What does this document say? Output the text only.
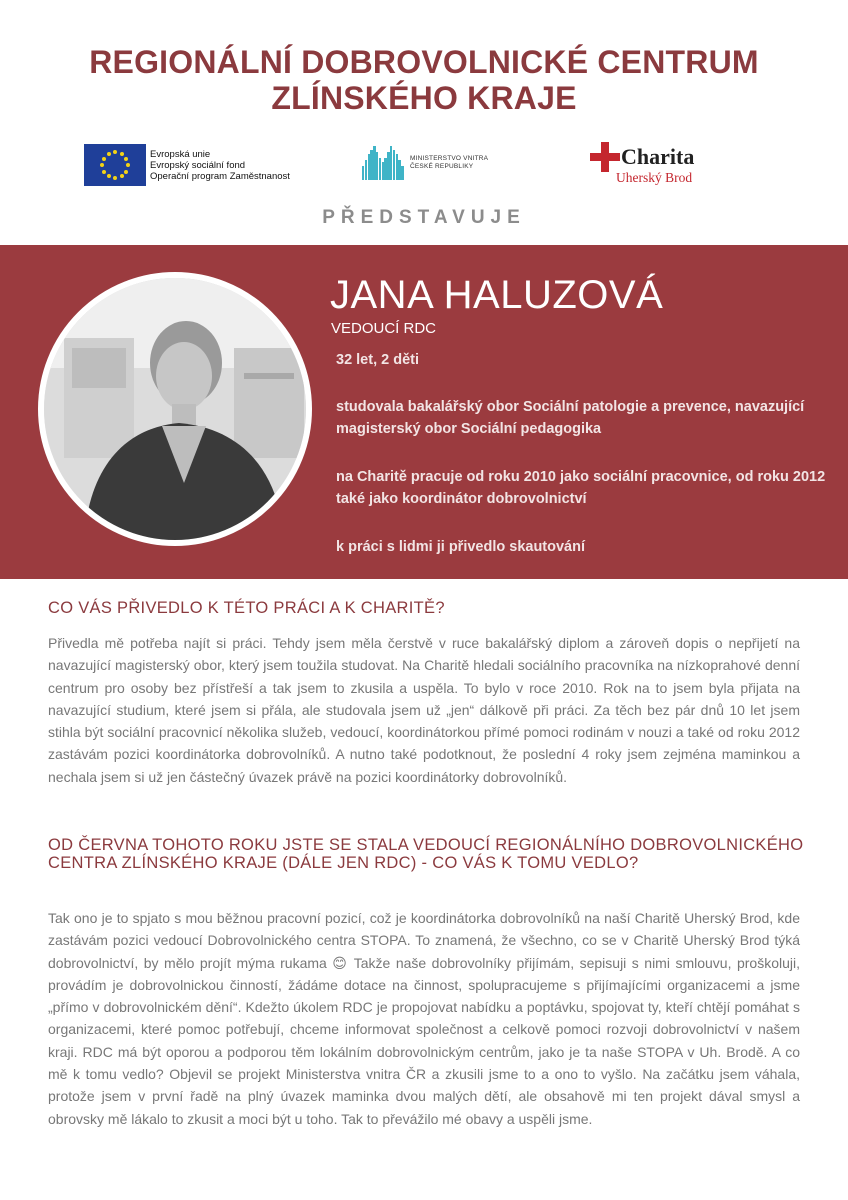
REGIONÁLNÍ DOBROVOLNICKÉ CENTRUM
ZLÍNSKÉHO KRAJE
Evropská unie
Evropský sociální fond
Operační program Zaměstnanost
MINISTERSTVO VNITRA
ČESKÉ REPUBLIKY	Charita
Uherský Brod
PŘEDSTAVUJE
JANA HALUZOVÁ
VEDOUCÍ RDC

32 let, 2 děti

studovala bakalářský obor Sociální patologie a prevence, navazující magisterský obor Sociální pedagogika

na Charitě pracuje od roku 2010 jako sociální pracovnice, od roku 2012 také jako koordinátor dobrovolnictví

k práci s lidmi ji přivedlo skautování

CO VÁS PŘIVEDLO K TÉTO PRÁCI A K CHARITĚ?
Přivedla mě potřeba najít si práci. Tehdy jsem měla čerstvě v ruce bakalářský diplom a zároveň dopis o nepřijetí na navazující magisterský obor, který jsem toužila studovat. Na Charitě hledali sociálního pracovníka na nízkoprahové denní centrum pro osoby bez přístřeší a tak jsem to zkusila a uspěla. To bylo v roce 2010. Rok na to jsem byla přijata na navazující studium, které jsem si přála, ale studovala jsem už „jen“ dálkově při práci. Za těch bez pár dnů 10 let jsem stihla být sociální pracovnicí několika služeb, vedoucí, koordinátorkou přímé pomoci rodinám v nouzi a také od roku 2012 zastávám pozici koordinátorka dobrovolníků. A nutno také podotknout, že poslední 4 roky jsem zejména maminkou a nechala jsem si už jen částečný úvazek právě na pozici koordinátorky dobrovolníků.
OD ČERVNA TOHOTO ROKU JSTE SE STALA VEDOUCÍ REGIONÁLNÍHO DOBROVOLNICKÉHO CENTRA ZLÍNSKÉHO KRAJE (DÁLE JEN RDC) - CO VÁS K TOMU VEDLO?
Tak ono je to spjato s mou běžnou pracovní pozicí, což je koordinátorka dobrovolníků na naší Charitě Uherský Brod, kde zastávám pozici vedoucí Dobrovolnického centra STOPA. To znamená, že všechno, co se v Charitě Uherský Brod týká dobrovolnictví, by mělo projít mýma rukama 😊 Takže naše dobrovolníky přijímám, sepisuji s nimi smlouvu, proškoluji, provádím je dobrovolnickou činností, žádáme dotace na činnost, spolupracujeme s přijímajícími organizacemi a jsme „přímo v dobrovolnickém dění“. Kdežto úkolem RDC je propojovat nabídku a poptávku, spojovat ty, kteří chtějí pomáhat s organizacemi, které pomoc potřebují, chceme informovat společnost a celkově pomoci rozvoji dobrovolnictví v našem kraji. RDC má být oporou a podporou těm lokálním dobrovolnickým centrům, jako je ta naše STOPA v Uh. Brodě. A co mě k tomu vedlo? Objevil se projekt Ministerstva vnitra ČR a zkusili jsme to a ono to vyšlo. Na začátku jsem váhala, protože jsem v první řadě na plný úvazek maminka dvou malých dětí, ale obsahově mi ten projekt dával smysl a obrovsky mě lákalo to zkusit a moci být u toho. Tak to převážilo mé obavy a uspěli jsme.
